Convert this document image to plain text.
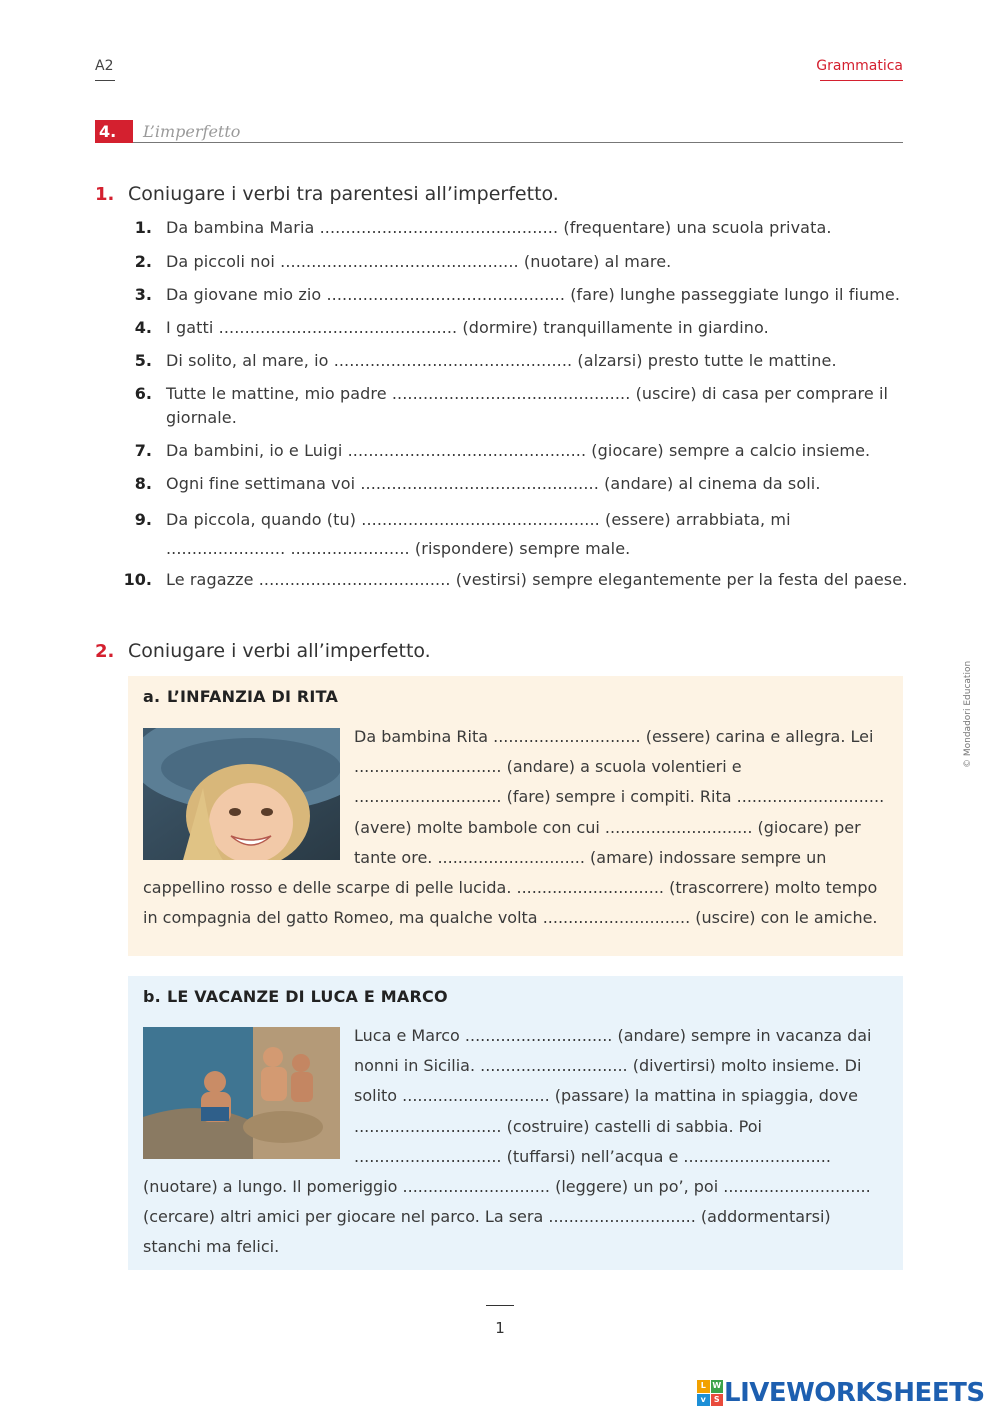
A2	Grammatica
4.	L’imperfetto
1. Coniugare i verbi tra parentesi all’imperfetto.
1. Da bambina Maria .............................................. (frequentare) una scuola privata.
2. Da piccoli noi .............................................. (nuotare) al mare.
3. Da giovane mio zio .............................................. (fare) lunghe passeggiate lungo il fiume.
4. I gatti .............................................. (dormire) tranquillamente in giardino.
5. Di solito, al mare, io .............................................. (alzarsi) presto tutte le mattine.
6. Tutte le mattine, mio padre .............................................. (uscire) di casa per comprare il giornale.
7. Da bambini, io e Luigi .............................................. (giocare) sempre a calcio insieme.
8. Ogni fine settimana voi .............................................. (andare) al cinema da soli.
9. Da piccola, quando (tu) .............................................. (essere) arrabbiata, mi ....................... ....................... (rispondere) sempre male.
10. Le ragazze ..................................... (vestirsi) sempre elegantemente per la festa del paese.
2. Coniugare i verbi all’imperfetto.
a. L’INFANZIA DI RITA
Da bambina Rita ............................. (essere) carina e allegra. Lei ............................. (andare) a scuola volentieri e ............................. (fare) sempre i compiti. Rita ............................. (avere) molte bambole con cui ............................. (giocare) per tante ore. ............................. (amare) indossare sempre un cappellino rosso e delle scarpe di pelle lucida. ............................. (trascorrere) molto tempo in compagnia del gatto Romeo, ma qualche volta ............................. (uscire) con le amiche.
b. LE VACANZE DI LUCA E MARCO
Luca e Marco ............................. (andare) sempre in vacanza dai nonni in Sicilia. ............................. (divertirsi) molto insieme. Di solito ............................. (passare) la mattina in spiaggia, dove ............................. (costruire) castelli di sabbia. Poi ............................. (tuffarsi) nell’acqua e ............................. (nuotare) a lungo. Il pomeriggio ............................. (leggere) un po’, poi ............................. (cercare) altri amici per giocare nel parco. La sera ............................. (addormentarsi) stanchi ma felici.
1
© Mondadori Education
L W
v	S LIVEWORKSHEETS
